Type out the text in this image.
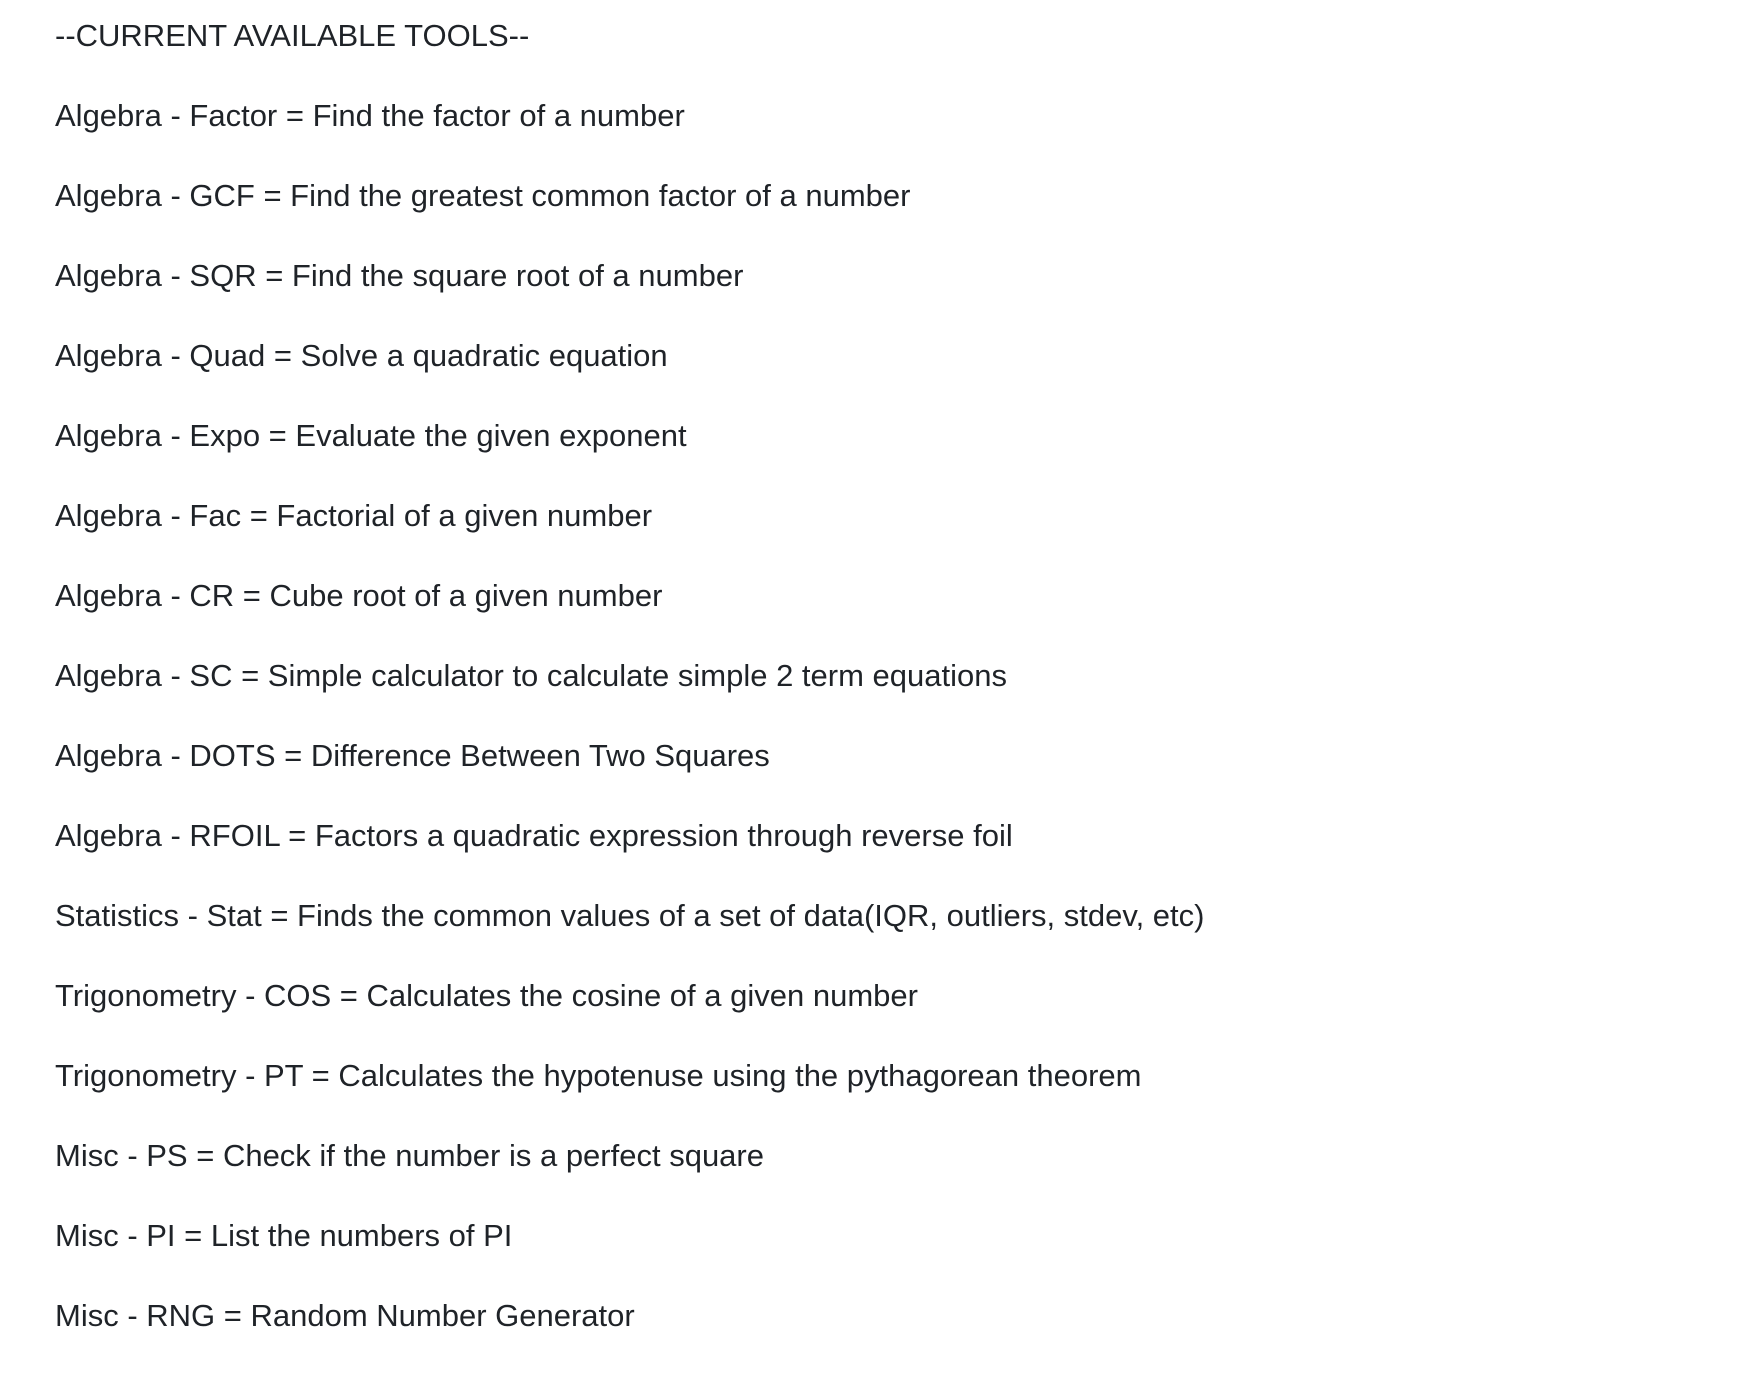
--CURRENT AVAILABLE TOOLS--
Algebra - Factor = Find the factor of a number
Algebra - GCF = Find the greatest common factor of a number
Algebra - SQR = Find the square root of a number
Algebra - Quad = Solve a quadratic equation
Algebra - Expo = Evaluate the given exponent
Algebra - Fac = Factorial of a given number
Algebra - CR = Cube root of a given number
Algebra - SC = Simple calculator to calculate simple 2 term equations
Algebra - DOTS = Difference Between Two Squares
Algebra - RFOIL = Factors a quadratic expression through reverse foil
Statistics - Stat = Finds the common values of a set of data(IQR, outliers, stdev, etc)
Trigonometry - COS = Calculates the cosine of a given number
Trigonometry - PT = Calculates the hypotenuse using the pythagorean theorem
Misc - PS = Check if the number is a perfect square
Misc - PI = List the numbers of PI
Misc - RNG = Random Number Generator
